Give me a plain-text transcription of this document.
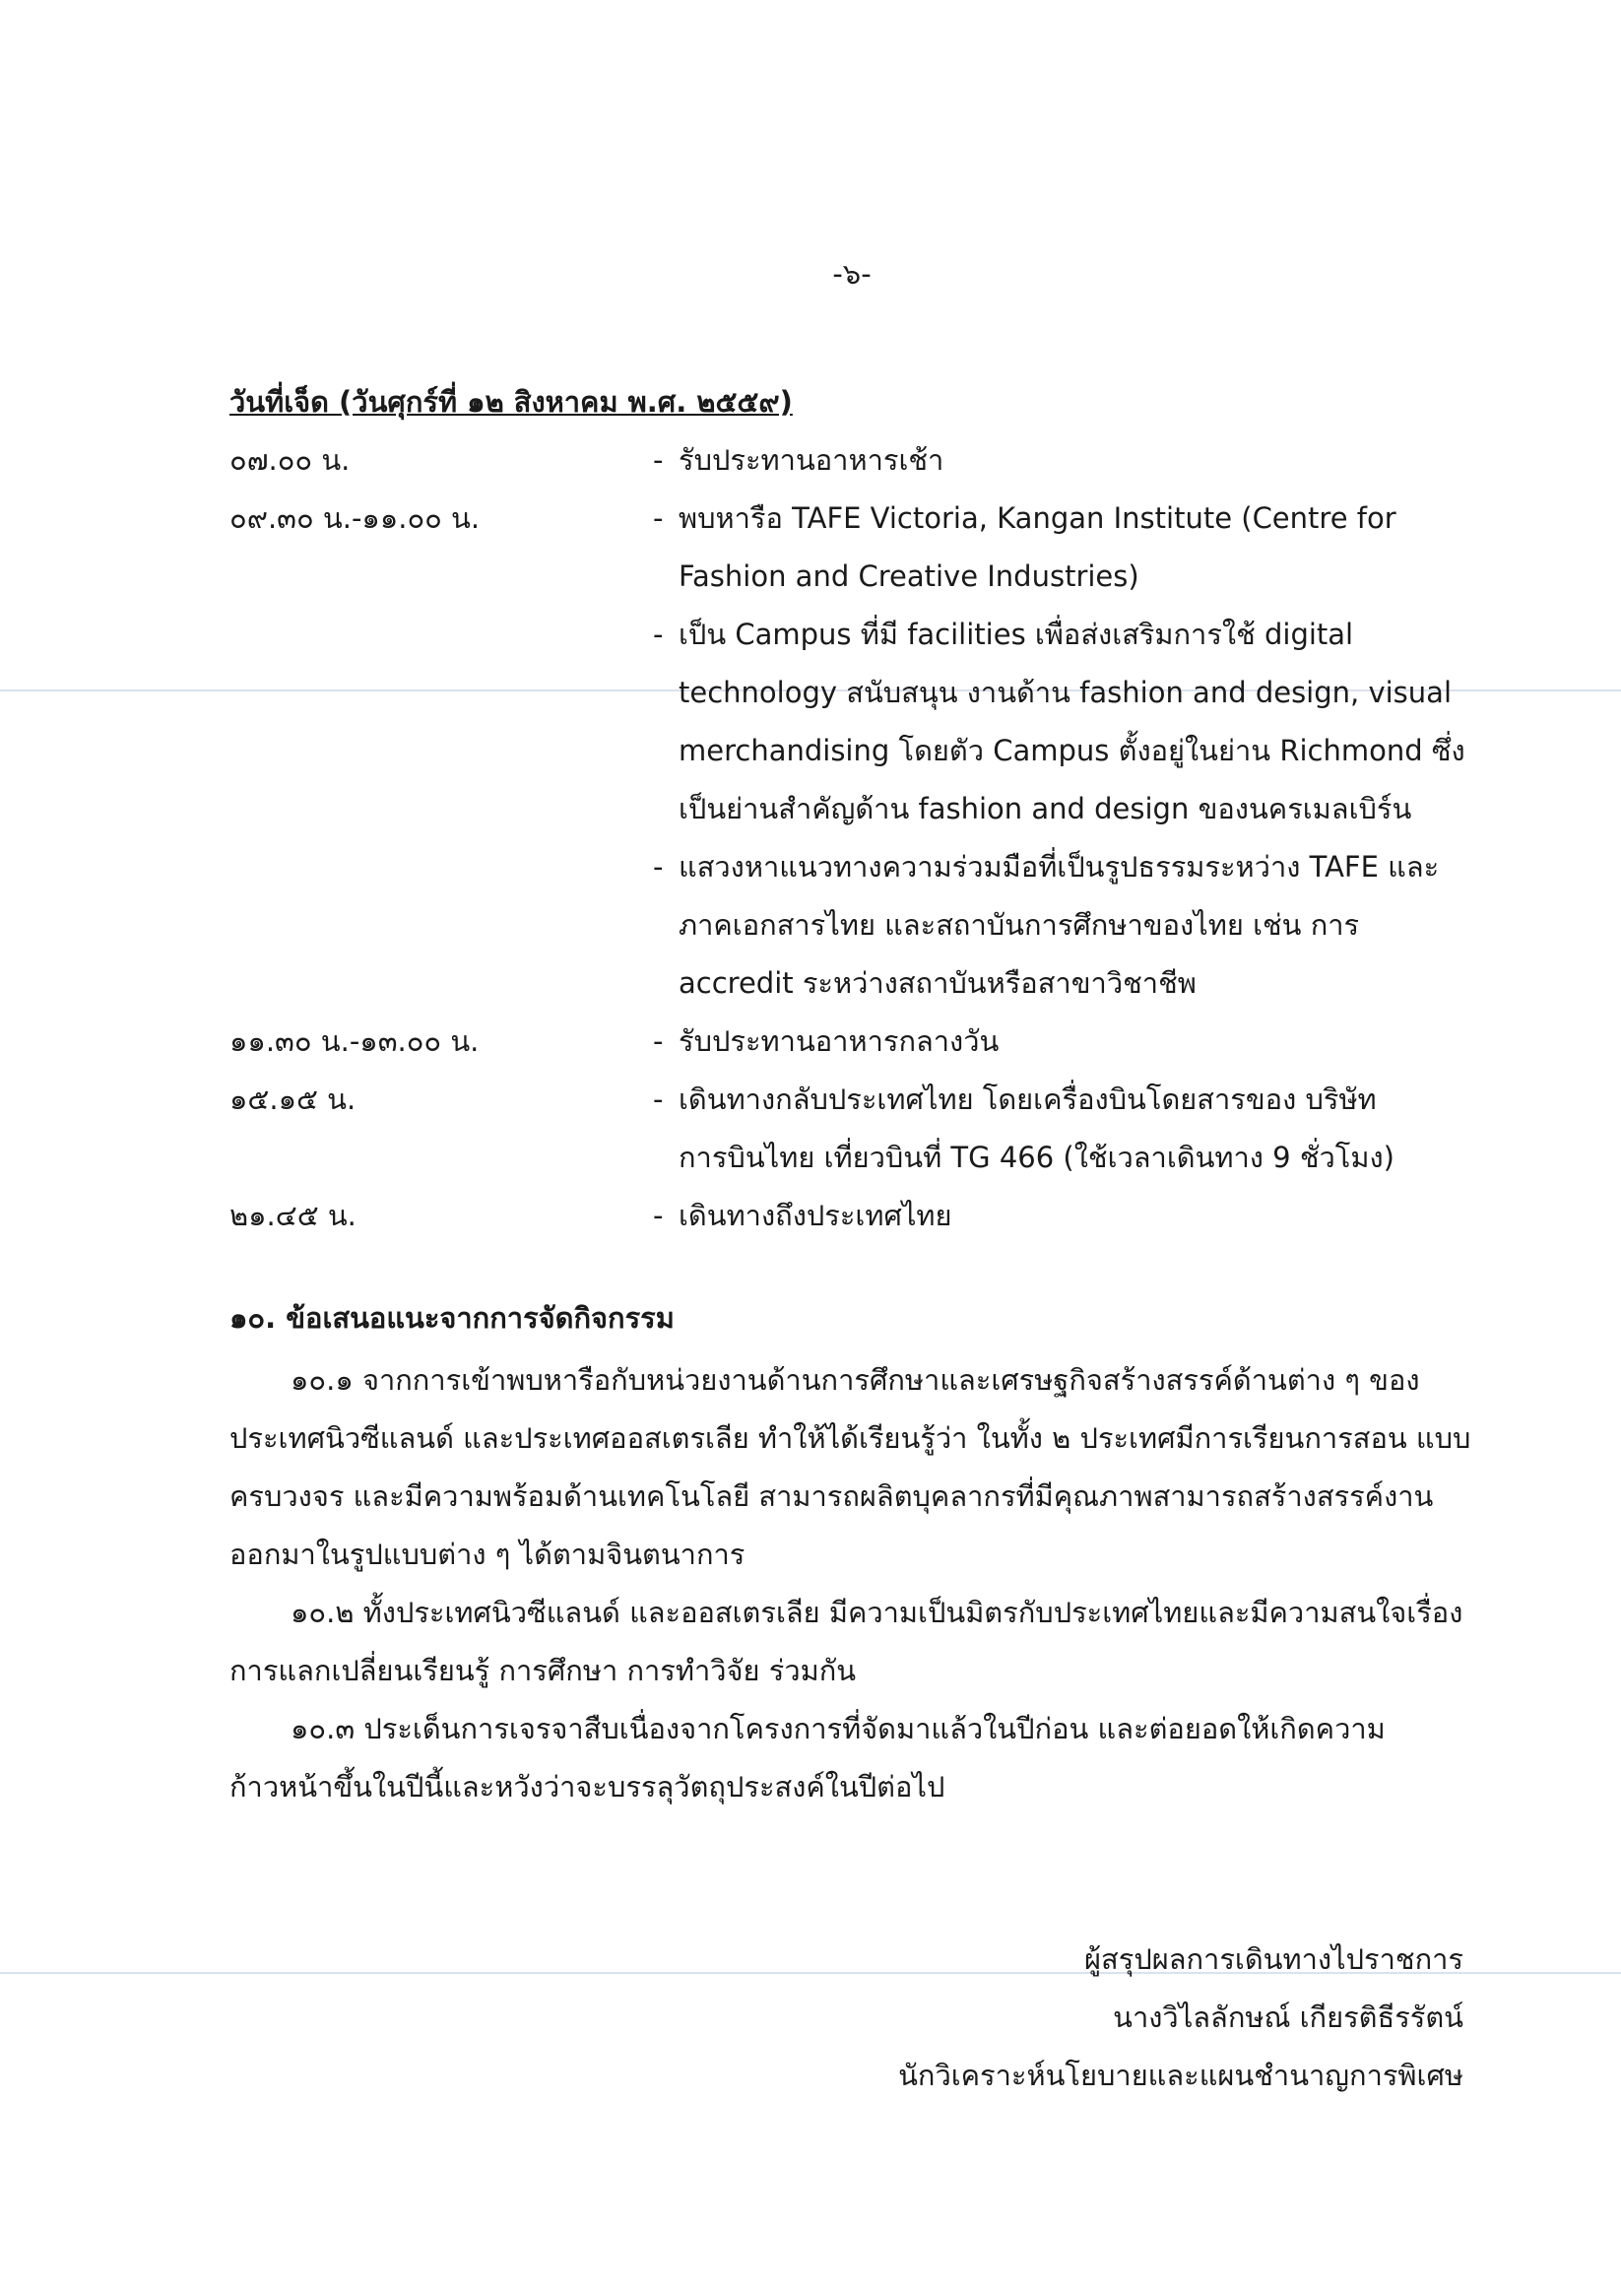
-๖-
วันที่เจ็ด (วันศุกร์ที่ ๑๒ สิงหาคม พ.ศ. ๒๕๕๙)
๐๗.๐๐ น.	- รับประทานอาหารเช้า
๐๙.๓๐ น.-๑๑.๐๐ น.	- พบหารือ TAFE Victoria, Kangan Institute (Centre for Fashion and Creative Industries)
- เป็น Campus ที่มี facilities เพื่อส่งเสริมการใช้ digital technology สนับสนุน งานด้าน fashion and design, visual merchandising โดยตัว Campus ตั้งอยู่ในย่าน Richmond ซึ่งเป็นย่านสำคัญด้าน fashion and design ของนครเมลเบิร์น
- แสวงหาแนวทางความร่วมมือที่เป็นรูปธรรมระหว่าง TAFE และภาคเอกสารไทย และสถาบันการศึกษาของไทย เช่น การ accredit ระหว่างสถาบันหรือสาขาวิชาชีพ
๑๑.๓๐ น.-๑๓.๐๐ น.	- รับประทานอาหารกลางวัน
๑๕.๑๕ น.	- เดินทางกลับประเทศไทย โดยเครื่องบินโดยสารของ บริษัทการบินไทย เที่ยวบินที่ TG 466 (ใช้เวลาเดินทาง 9 ชั่วโมง)
๒๑.๔๕ น.	- เดินทางถึงประเทศไทย
๑๐. ข้อเสนอแนะจากการจัดกิจกรรม

๑๐.๑ จากการเข้าพบหารือกับหน่วยงานด้านการศึกษาและเศรษฐกิจสร้างสรรค์ด้านต่าง ๆ ของประเทศนิวซีแลนด์ และประเทศออสเตรเลีย ทำให้ได้เรียนรู้ว่า ในทั้ง ๒ ประเทศมีการเรียนการสอน แบบครบวงจร และมีความพร้อมด้านเทคโนโลยี สามารถผลิตบุคลากรที่มีคุณภาพสามารถสร้างสรรค์งานออกมาในรูปแบบต่าง ๆ ได้ตามจินตนาการ

๑๐.๒ ทั้งประเทศนิวซีแลนด์ และออสเตรเลีย มีความเป็นมิตรกับประเทศไทยและมีความสนใจเรื่องการแลกเปลี่ยนเรียนรู้ การศึกษา การทำวิจัย ร่วมกัน

๑๐.๓ ประเด็นการเจรจาสืบเนื่องจากโครงการที่จัดมาแล้วในปีก่อน และต่อยอดให้เกิดความก้าวหน้าขึ้นในปีนี้และหวังว่าจะบรรลุวัตถุประสงค์ในปีต่อไป

ผู้สรุปผลการเดินทางไปราชการ
นางวิไลลักษณ์ เกียรติธีรรัตน์
นักวิเคราะห์นโยบายและแผนชำนาญการพิเศษ
